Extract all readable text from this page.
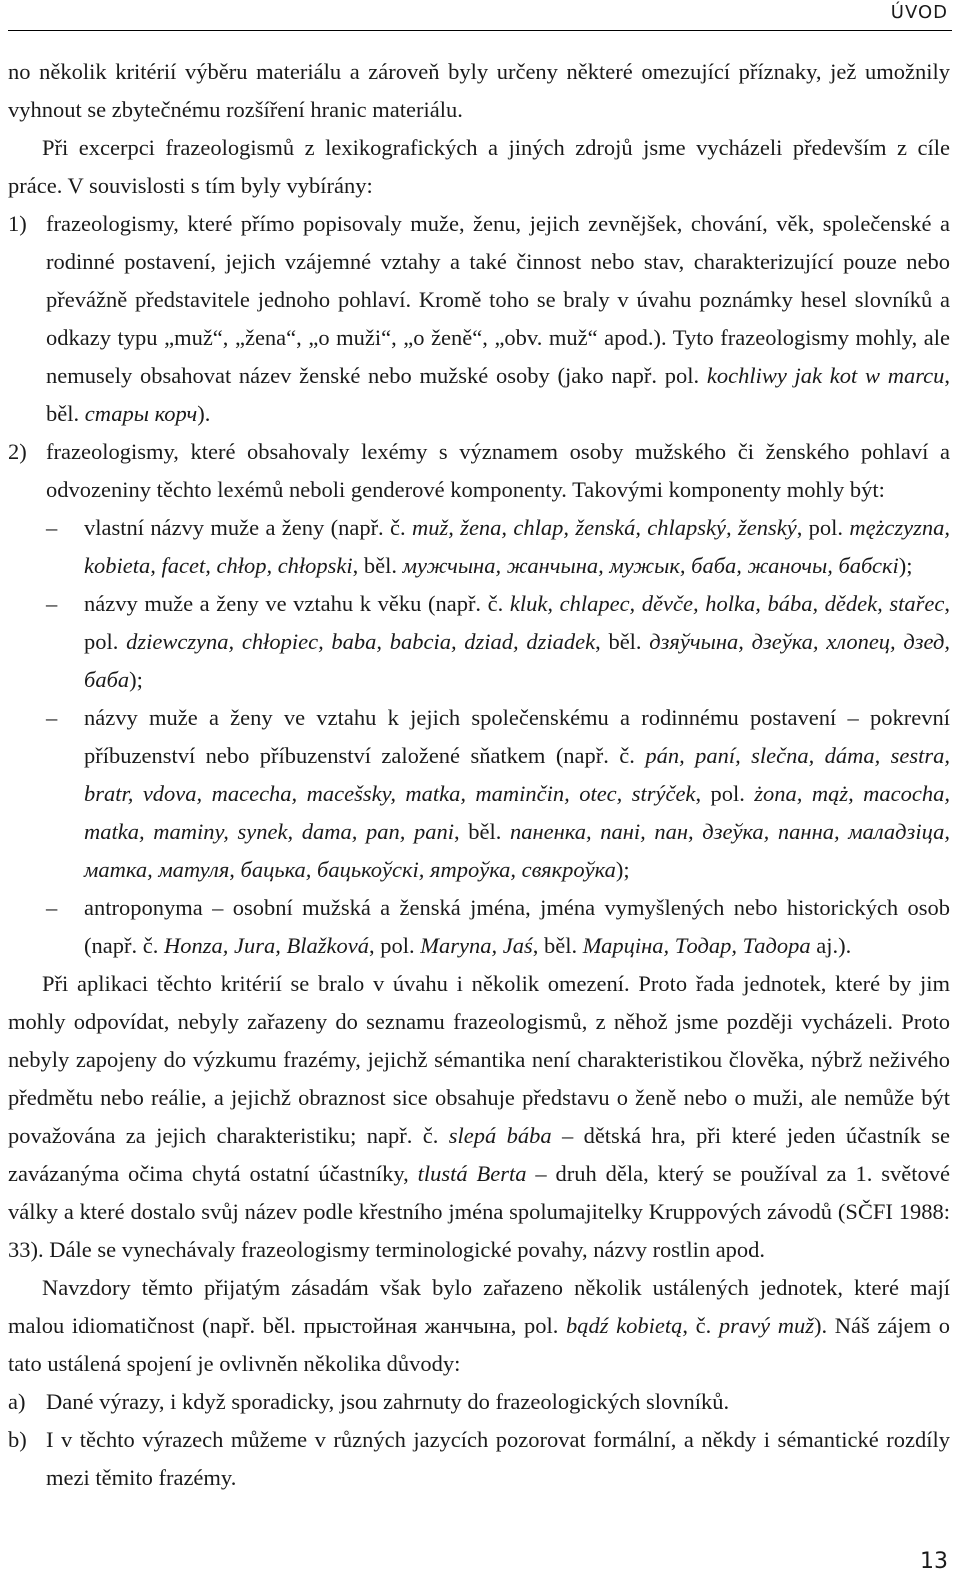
ÚVOD

no několik kritérií výběru materiálu a zároveň byly určeny některé omezující příznaky, jež umožnily vyhnout se zbytečnému rozšíření hranic materiálu.

Při excerpci frazeologismů z lexikografických a jiných zdrojů jsme vycházeli především z cíle práce. V souvislosti s tím byly vybírány:

1) frazeologismy, které přímo popisovaly muže, ženu, jejich zevnějšek, chování, věk, společenské a rodinné postavení, jejich vzájemné vztahy a také činnost nebo stav, charakterizující pouze nebo převážně představitele jednoho pohlaví. Kromě toho se braly v úvahu poznámky hesel slovníků a odkazy typu „muž“, „žena“, „o muži“, „o ženě“, „obv. muž“ apod.). Tyto frazeologismy mohly, ale nemusely obsahovat název ženské nebo mužské osoby (jako např. pol. kochliwy jak kot w marcu, běl. стары корч).

2) frazeologismy, které obsahovaly lexémy s významem osoby mužského či ženského pohlaví a odvozeniny těchto lexémů neboli genderové komponenty. Takovými komponenty mohly být:

– vlastní názvy muže a ženy (např. č. muž, žena, chlap, ženská, chlapský, ženský, pol. mężczyzna, kobieta, facet, chłop, chłopski, běl. мужчына, жанчына, мужык, баба, жаночы, бабскі);

– názvy muže a ženy ve vztahu k věku (např. č. kluk, chlapec, děvče, holka, bába, dědek, stařec, pol. dziewczyna, chłopiec, baba, babcia, dziad, dziadek, běl. дзяўчына, дзеўка, хлопец, дзед, баба);

– názvy muže a ženy ve vztahu k jejich společenskému a rodinnému postavení – pokrevní příbuzenství nebo příbuzenství založené sňatkem (např. č. pán, paní, slečna, dáma, sestra, bratr, vdova, macecha, macešsky, matka, maminčin, otec, strýček, pol. żona, mąż, macocha, matka, maminy, synek, dama, pan, pani, běl. паненка, пані, пан, дзеўка, панна, маладзіца, матка, матуля, бацька, бацькоўскі, ятроўка, свякроўка);

– antroponyma – osobní mužská a ženská jména, jména vymyšlených nebo historických osob (např. č. Honza, Jura, Blažková, pol. Maryna, Jaś, běl. Марціна, Тодар, Тадора aj.).

Při aplikaci těchto kritérií se bralo v úvahu i několik omezení. Proto řada jednotek, které by jim mohly odpovídat, nebyly zařazeny do seznamu frazeologismů, z něhož jsme později vycházeli. Proto nebyly zapojeny do výzkumu frazémy, jejichž sémantika není charakteristikou člověka, nýbrž neživého předmětu nebo reálie, a jejichž obraznost sice obsahuje představu o ženě nebo o muži, ale nemůže být považována za jejich charakteristiku; např. č. slepá bába – dětská hra, při které jeden účastník se zavázanýma očima chytá ostatní účastníky, tlustá Berta – druh děla, který se používal za 1. světové války a které dostalo svůj název podle křestního jména spolumajitelky Kruppových závodů (SČFI 1988: 33). Dále se vynechávaly frazeologismy terminologické povahy, názvy rostlin apod.

Navzdory těmto přijatým zásadám však bylo zařazeno několik ustálených jednotek, které mají malou idiomatičnost (např. běl. прыстойная жанчына, pol. bądź kobietą, č. pravý muž). Náš zájem o tato ustálená spojení je ovlivněn několika důvody:

a) Dané výrazy, i když sporadicky, jsou zahrnuty do frazeologických slovníků.

b) I v těchto výrazech můžeme v různých jazycích pozorovat formální, a někdy i sémantické rozdíly mezi těmito frazémy.

13
